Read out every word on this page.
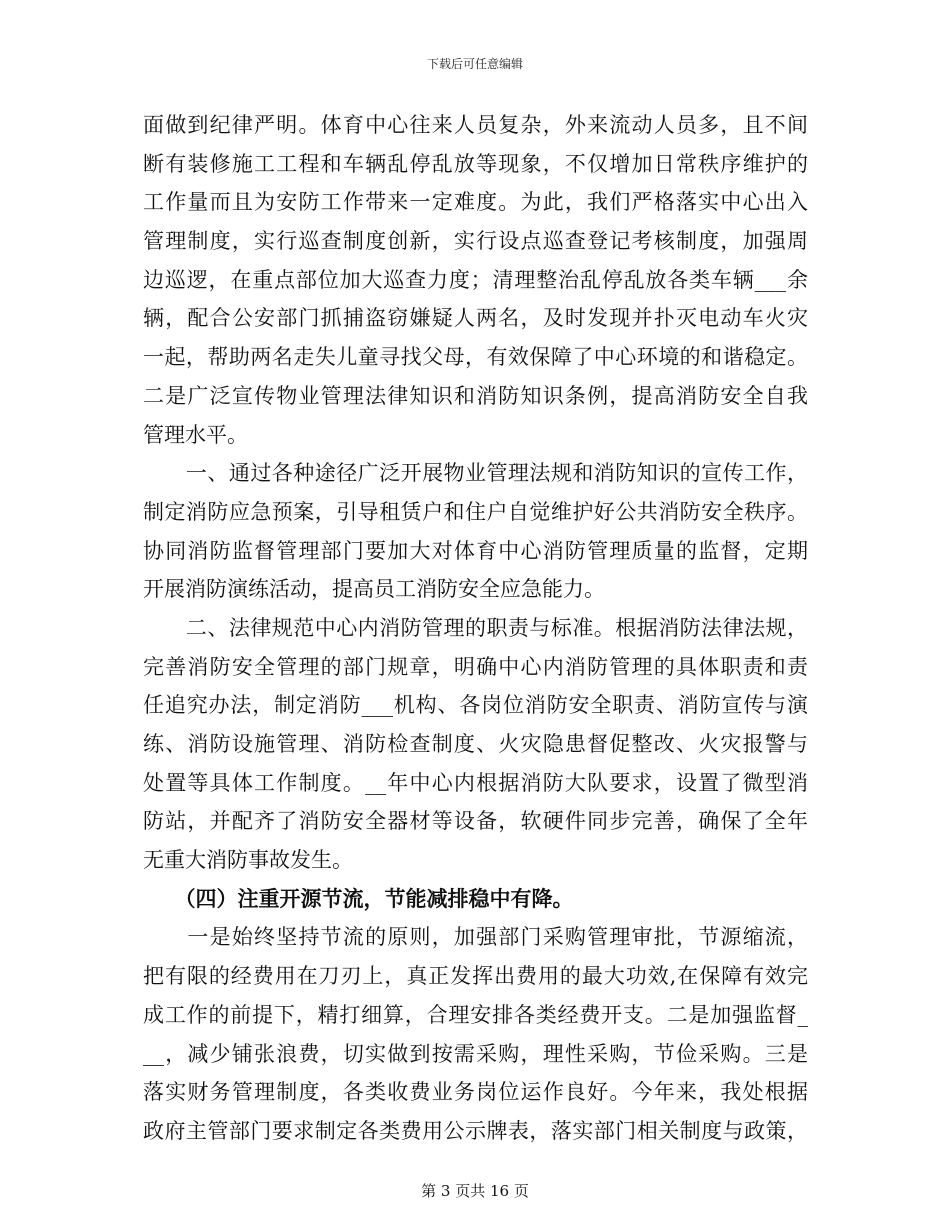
下载后可任意编辑
面做到纪律严明。体育中心往来人员复杂，外来流动人员多，且不间
断有装修施工工程和车辆乱停乱放等现象，不仅增加日常秩序维护的
工作量而且为安防工作带来一定难度。为此，我们严格落实中心出入
管理制度，实行巡查制度创新，实行设点巡查登记考核制度，加强周
边巡逻，在重点部位加大巡查力度；清理整治乱停乱放各类车辆___余
辆，配合公安部门抓捕盗窃嫌疑人两名，及时发现并扑灭电动车火灾
一起，帮助两名走失儿童寻找父母，有效保障了中心环境的和谐稳定。
二是广泛宣传物业管理法律知识和消防知识条例，提高消防安全自我
管理水平。
　　一、通过各种途径广泛开展物业管理法规和消防知识的宣传工作，
制定消防应急预案，引导租赁户和住户自觉维护好公共消防安全秩序。
协同消防监督管理部门要加大对体育中心消防管理质量的监督，定期
开展消防演练活动，提高员工消防安全应急能力。
　　二、法律规范中心内消防管理的职责与标准。根据消防法律法规，
完善消防安全管理的部门规章，明确中心内消防管理的具体职责和责
任追究办法，制定消防___机构、各岗位消防安全职责、消防宣传与演
练、消防设施管理、消防检查制度、火灾隐患督促整改、火灾报警与
处置等具体工作制度。__年中心内根据消防大队要求，设置了微型消
防站，并配齐了消防安全器材等设备，软硬件同步完善，确保了全年
无重大消防事故发生。
　　（四）注重开源节流，节能减排稳中有降。
　　一是始终坚持节流的原则，加强部门采购管理审批，节源缩流，
把有限的经费用在刀刃上，真正发挥出费用的最大功效,在保障有效完
成工作的前提下，精打细算，合理安排各类经费开支。二是加强监督_
__，减少铺张浪费，切实做到按需采购，理性采购，节俭采购。三是
落实财务管理制度，各类收费业务岗位运作良好。今年来，我处根据
政府主管部门要求制定各类费用公示牌表，落实部门相关制度与政策，
第 3 页共 16 页
